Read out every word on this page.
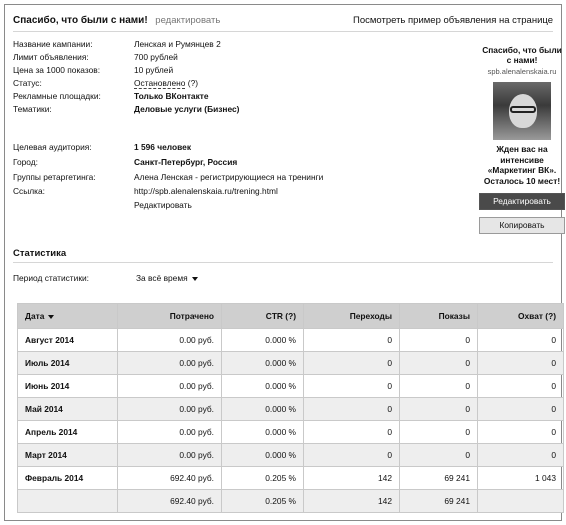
Спасибо, что были с нами! редактировать	Посмотреть пример объявления на странице
Название кампании:	Ленская и Румянцев 2
Лимит объявления:	700 рублей
Цена за 1000 показов:	10 рублей
Статус:	Остановлено (?)
Рекламные площадки:	Только ВКонтакте
Тематики:	Деловые услуги (Бизнес)
Целевая аудитория:	1 596 человек
Город:	Санкт-Петербург, Россия
Группы ретаргетинга:	Алена Ленская - регистрирующиеся на тренинги
Ссылка:	http://spb.alenalenskaia.ru/trening.html
Редактировать
Спасибо, что были с нами!
spb.alenalenskaia.ru
Жден вас на интенсиве «Маркетинг ВК». Осталось 10 мест!
Редактировать
Копировать
Статистика
Период статистики:	За всё время
Дата	Потрачено	CTR (?)	Переходы	Показы	Охват (?)
Август 2014	0.00 руб.	0.000 %	0	0	0
Июль 2014	0.00 руб.	0.000 %	0	0	0
Июнь 2014	0.00 руб.	0.000 %	0	0	0
Май 2014	0.00 руб.	0.000 %	0	0	0
Апрель 2014	0.00 руб.	0.000 %	0	0	0
Март 2014	0.00 руб.	0.000 %	0	0	0
Февраль 2014	692.40 руб.	0.205 %	142	69 241	1 043
	692.40 руб.	0.205 %	142	69 241	
